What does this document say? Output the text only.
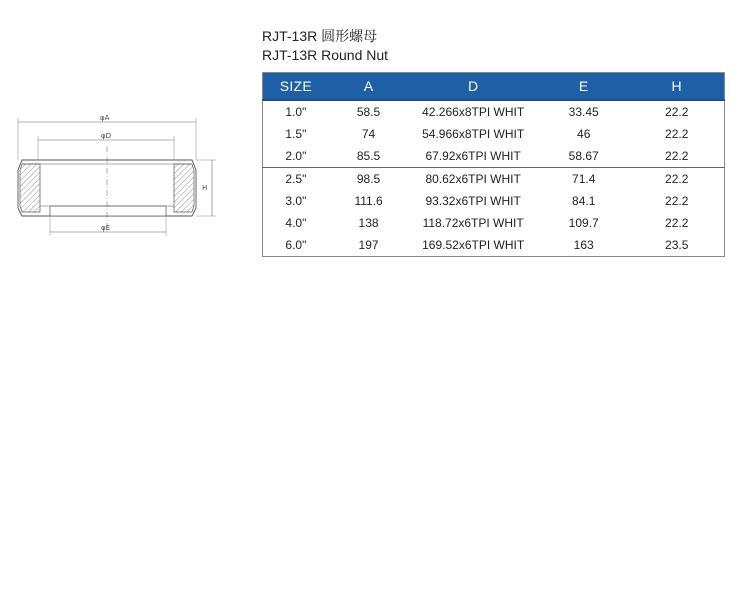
φA
φD
H
φE
RJT-13R 圆形螺母
RJT-13R Round Nut
SIZE	A	D	E	H
1.0"	58.5	42.266x8TPI WHIT	33.45	22.2
1.5"	74	54.966x8TPI WHIT	46	22.2
2.0"	85.5	67.92x6TPI WHIT	58.67	22.2
2.5"	98.5	80.62x6TPI WHIT	71.4	22.2
3.0"	111.6	93.32x6TPI WHIT	84.1	22.2
4.0"	138	118.72x6TPI WHIT	109.7	22.2
6.0"	197	169.52x6TPI WHIT	163	23.5
